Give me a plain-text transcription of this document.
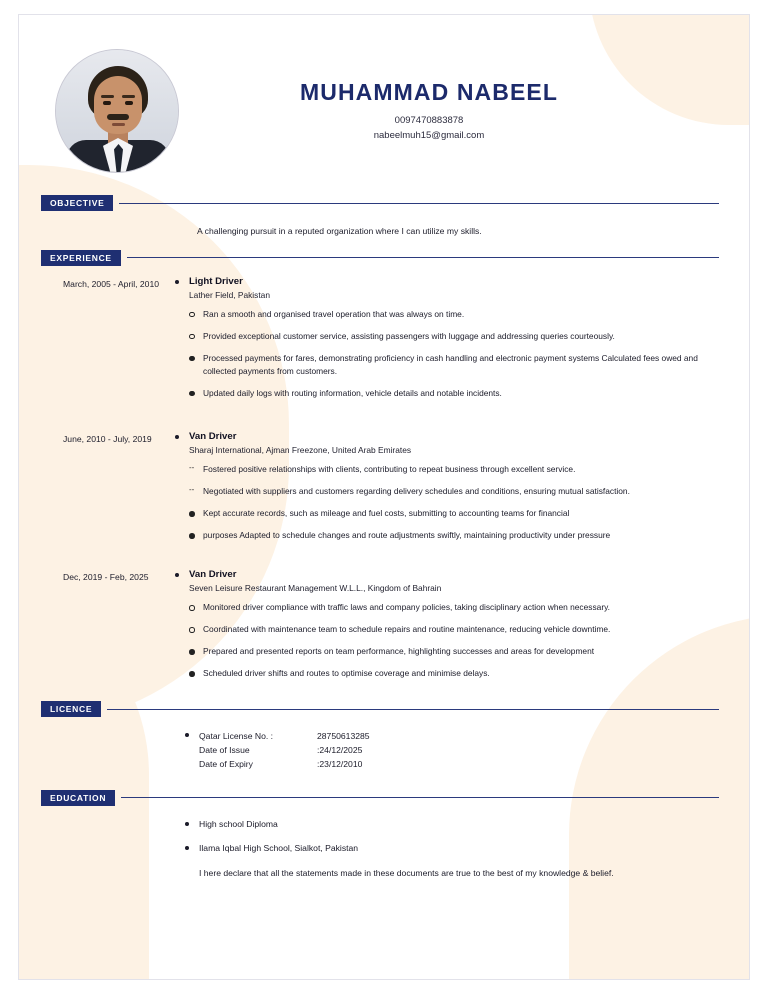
MUHAMMAD NABEEL
0097470883878
nabeelmuh15@gmail.com
OBJECTIVE
A challenging pursuit in a reputed organization where I can utilize my skills.
EXPERIENCE
March, 2005 - April, 2010	Light Driver
Lather Field, Pakistan
Ran a smooth and organised travel operation that was always on time.
Provided exceptional customer service, assisting passengers with luggage and addressing queries courteously.
Processed payments for fares, demonstrating proficiency in cash handling and electronic payment systems Calculated fees owed and collected payments from customers.
Updated daily logs with routing information, vehicle details and notable incidents.
June, 2010 - July, 2019	Van Driver
Sharaj International, Ajman Freezone, United Arab Emirates
-- Fostered positive relationships with clients, contributing to repeat business through excellent service.
-- Negotiated with suppliers and customers regarding delivery schedules and conditions, ensuring mutual satisfaction.
Kept accurate records, such as mileage and fuel costs, submitting to accounting teams for financial
purposes Adapted to schedule changes and route adjustments swiftly, maintaining productivity under pressure
Dec, 2019 - Feb, 2025	Van Driver
Seven Leisure Restaurant Management W.L.L., Kingdom of Bahrain
Monitored driver compliance with traffic laws and company policies, taking disciplinary action when necessary.
Coordinated with maintenance team to schedule repairs and routine maintenance, reducing vehicle downtime.
Prepared and presented reports on team performance, highlighting successes and areas for development
Scheduled driver shifts and routes to optimise coverage and minimise delays.
LICENCE
Qatar License No. :	28750613285
Date of Issue	:24/12/2025
Date of Expiry	:23/12/2010
EDUCATION
High school Diploma
Ilama Iqbal High School, Sialkot, Pakistan
I here declare that all the statements made in these documents are true to the best of my knowledge & belief.
